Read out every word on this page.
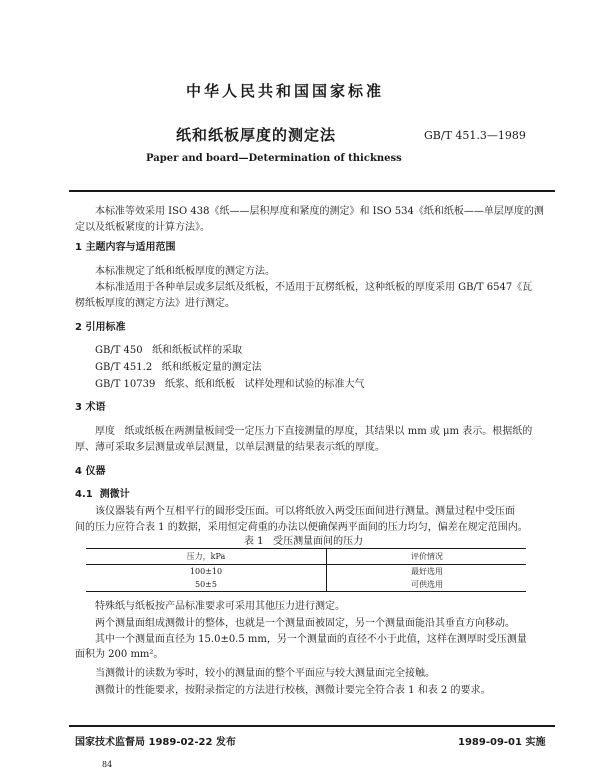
中华人民共和国国家标准
纸和纸板厚度的测定法	GB/T 451.3—1989
Paper and board—Determination of thickness
本标准等效采用 ISO 438《纸——层积厚度和紧度的测定》和 ISO 534《纸和纸板——单层厚度的测
定以及纸板紧度的计算方法》。
1 主题内容与适用范围
本标准规定了纸和纸板厚度的测定方法。
本标准适用于各种单层或多层纸及纸板，不适用于瓦楞纸板，这种纸板的厚度采用 GB/T 6547《瓦
楞纸板厚度的测定方法》进行测定。
2 引用标准
GB/T 450   纸和纸板试样的采取
GB/T 451.2   纸和纸板定量的测定法
GB/T 10739   纸浆、纸和纸板   试样处理和试验的标准大气
3 术语
厚度   纸或纸板在两测量板间受一定压力下直接测量的厚度，其结果以 mm 或 μm 表示。根据纸的
厚、薄可采取多层测量或单层测量，以单层测量的结果表示纸的厚度。
4 仪器
4.1  测微计
该仪器装有两个互相平行的圆形受压面。可以将纸放入两受压面间进行测量。测量过程中受压面
间的压力应符合表 1 的数据，采用恒定荷重的办法以便确保两平面间的压力均匀，偏差在规定范围内。
表 1   受压测量面间的压力
压力，kPa	评价情况
100±10	最好选用
50±5	可供选用
特殊纸与纸板按产品标准要求可采用其他压力进行测定。
两个测量面组成测微计的整体，也就是一个测量面被固定，另一个测量面能沿其垂直方向移动。
其中一个测量面直径为 15.0±0.5 mm，另一个测量面的直径不小于此值，这样在测厚时受压测量
面积为 200 mm²。
当测微计的读数为零时，较小的测量面的整个平面应与较大测量面完全接触。
测微计的性能要求，按附录指定的方法进行校核，测微计要完全符合表 1 和表 2 的要求。
国家技术监督局 1989-02-22 发布	1989-09-01 实施
84
